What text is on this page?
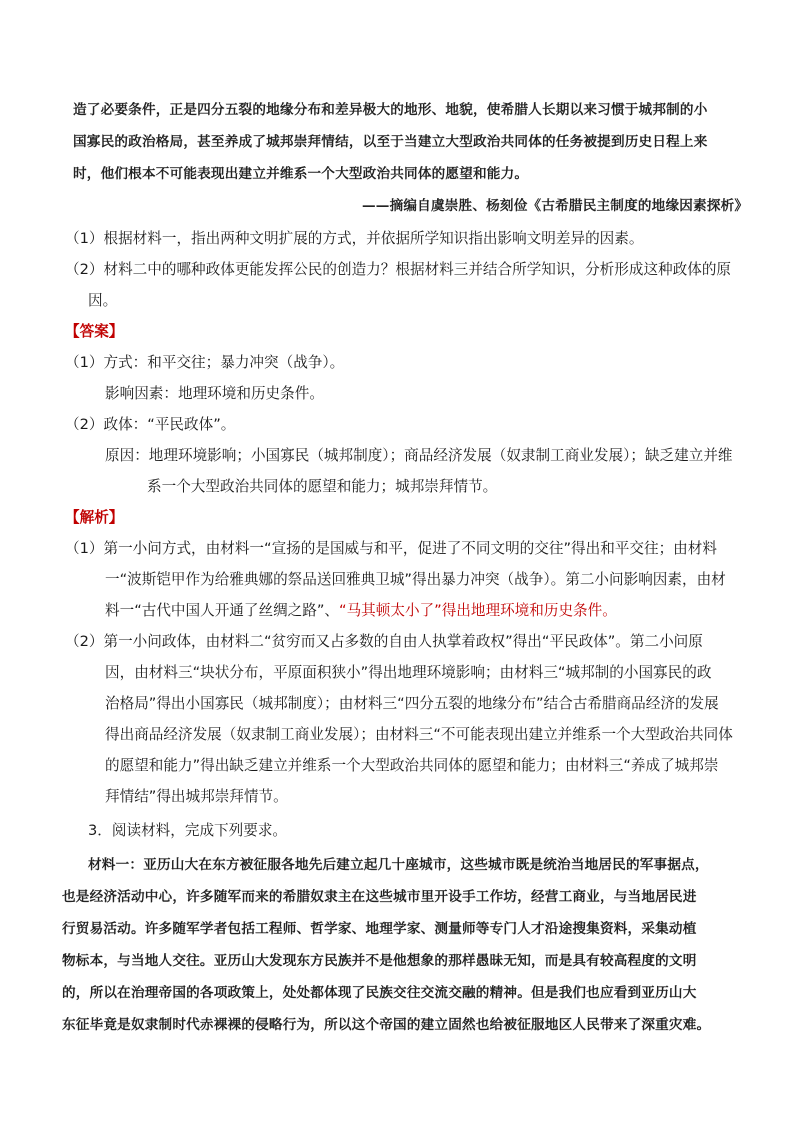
造了必要条件，正是四分五裂的地缘分布和差异极大的地形、地貌，使希腊人长期以来习惯于城邦制的小
国寡民的政治格局，甚至养成了城邦崇拜情结，以至于当建立大型政治共同体的任务被提到历史日程上来
时，他们根本不可能表现出建立并维系一个大型政治共同体的愿望和能力。
——摘编自虞崇胜、杨刻俭《古希腊民主制度的地缘因素探析》
（1）根据材料一，指出两种文明扩展的方式，并依据所学知识指出影响文明差异的因素。
（2）材料二中的哪种政体更能发挥公民的创造力？根据材料三并结合所学知识，分析形成这种政体的原
因。
【答案】
（1）方式：和平交往；暴力冲突（战争）。
影响因素：地理环境和历史条件。
（2）政体：“平民政体”。
原因：地理环境影响；小国寡民（城邦制度）；商品经济发展（奴隶制工商业发展）；缺乏建立并维
系一个大型政治共同体的愿望和能力；城邦崇拜情节。
【解析】
（1）第一小问方式，由材料一“宣扬的是国威与和平，促进了不同文明的交往”得出和平交往；由材料
一“波斯铠甲作为给雅典娜的祭品送回雅典卫城”得出暴力冲突（战争）。第二小问影响因素，由材
料一“古代中国人开通了丝绸之路”、“马其顿太小了”得出地理环境和历史条件。
（2）第一小问政体，由材料二“贫穷而又占多数的自由人执掌着政权”得出“平民政体”。第二小问原
因，由材料三“块状分布，平原面积狭小”得出地理环境影响；由材料三“城邦制的小国寡民的政
治格局”得出小国寡民（城邦制度）；由材料三“四分五裂的地缘分布”结合古希腊商品经济的发展
得出商品经济发展（奴隶制工商业发展）；由材料三“不可能表现出建立并维系一个大型政治共同体
的愿望和能力”得出缺乏建立并维系一个大型政治共同体的愿望和能力；由材料三“养成了城邦崇
拜情结”得出城邦崇拜情节。
3．阅读材料，完成下列要求。
材料一：亚历山大在东方被征服各地先后建立起几十座城市，这些城市既是统治当地居民的军事据点，
也是经济活动中心，许多随军而来的希腊奴隶主在这些城市里开设手工作坊，经营工商业，与当地居民进
行贸易活动。许多随军学者包括工程师、哲学家、地理学家、测量师等专门人才沿途搜集资料，采集动植
物标本，与当地人交往。亚历山大发现东方民族并不是他想象的那样愚昧无知，而是具有较高程度的文明
的，所以在治理帝国的各项政策上，处处都体现了民族交往交流交融的精神。但是我们也应看到亚历山大
东征毕竟是奴隶制时代赤裸裸的侵略行为，所以这个帝国的建立固然也给被征服地区人民带来了深重灾难。
